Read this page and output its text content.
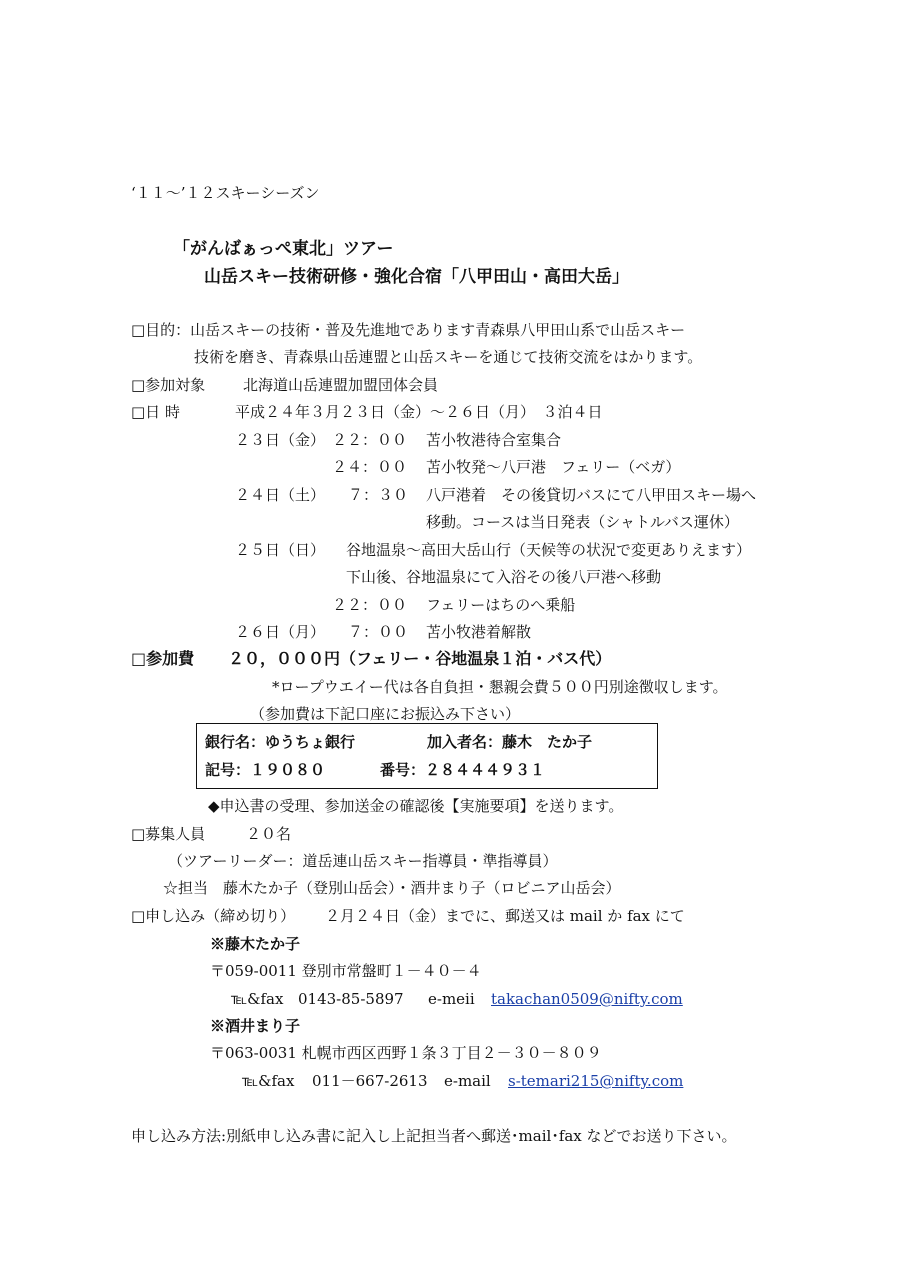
‘１１～’１２スキーシーズン
「がんばぁっぺ東北」ツアー
山岳スキー技術研修・強化合宿「八甲田山・高田大岳」
□目的：山岳スキーの技術・普及先進地であります青森県八甲田山系で山岳スキー
技術を磨き、青森県山岳連盟と山岳スキーを通じて技術交流をはかります。
□参加対象	北海道山岳連盟加盟団体会員
□日 時	平成２４年３月２３日（金）～２６日（月）　３泊４日
２３日（金） ２２：００ 苫小牧港待合室集合
２４：００ 苫小牧発～八戸港　フェリー（ベガ）
２４日（土） ７：３０ 八戸港着　その後貸切バスにて八甲田スキー場へ
移動。コースは当日発表（シャトルバス運休）
２５日（日） 谷地温泉～高田大岳山行（天候等の状況で変更ありえます）
下山後、谷地温泉にて入浴その後八戸港へ移動
２２：００ フェリーはちのへ乗船
２６日（月） ７：００ 苫小牧港着解散
□参加費 ２０，０００円（フェリー・谷地温泉１泊・バス代）
*ロープウエイー代は各自負担・懇親会費５００円別途徴収します。
（参加費は下記口座にお振込み下さい）
銀行名：ゆうちょ銀行	加入者名：藤木　たか子
記号：１９０８０	番号：２８４４４９３１
◆申込書の受理、参加送金の確認後【実施要項】を送ります。
□募集人員	２０名
（ツアーリーダー：道岳連山岳スキー指導員・準指導員）
☆担当　藤木たか子（登別山岳会）・酒井まり子（ロビニア山岳会）
□申し込み（締め切り） ２月２４日（金）までに、郵送又は mail か fax にて
※藤木たか子
〒059-0011 登別市常盤町１－４０－４
℡&fax 0143-85-5897 e-meii takachan0509@nifty.com
※酒井まり子
〒063-0031 札幌市西区西野１条３丁目２－３０－８０９
℡&fax 011－667-2613 e-mail s-temari215@nifty.com
申し込み方法:別紙申し込み書に記入し上記担当者へ郵送･mail･fax などでお送り下さい。
